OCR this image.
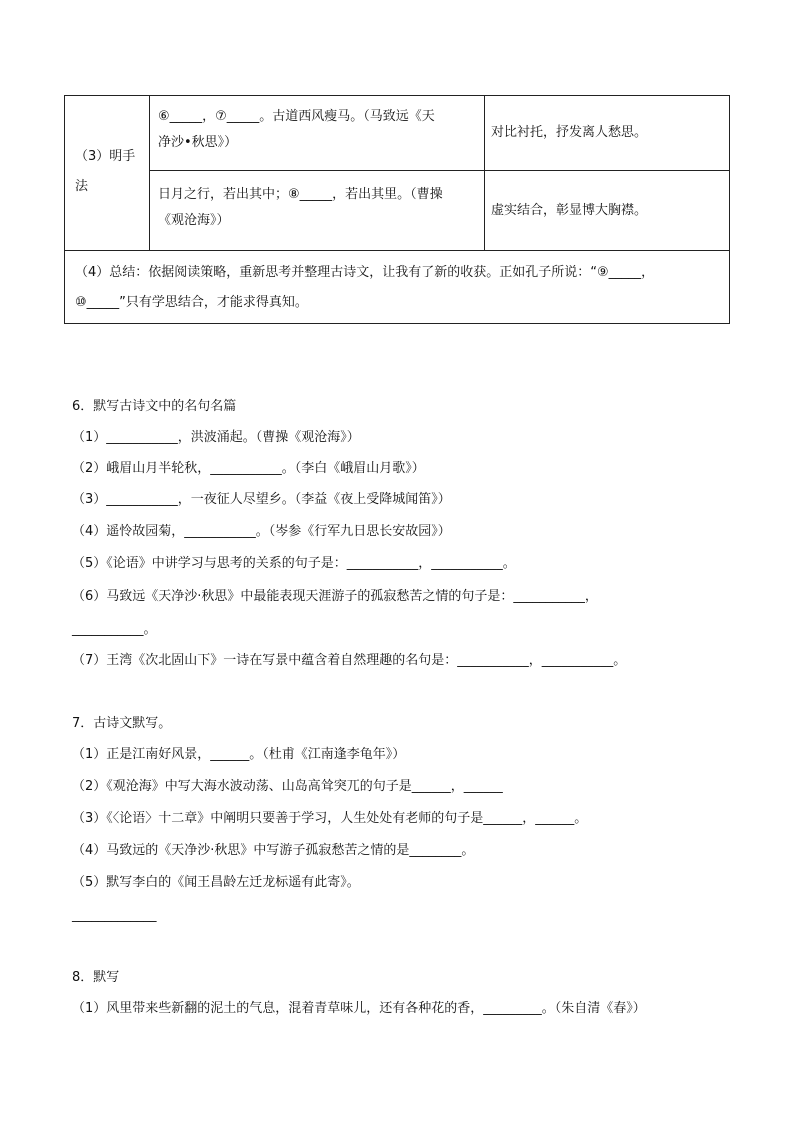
（3）明手
法
⑥_____，⑦_____。古道西风瘦马。（马致远《天
净沙•秋思》）
对比衬托，抒发离人愁思。
日月之行，若出其中；⑧_____，若出其里。（曹操
《观沧海》）
虚实结合，彰显博大胸襟。
（4）总结：依据阅读策略，重新思考并整理古诗文，让我有了新的收获。正如孔子所说：“⑨_____，
⑩_____”只有学思结合，才能求得真知。
6．默写古诗文中的名句名篇
（1）___________，洪波涌起。（曹操《观沧海》）
（2）峨眉山月半轮秋，___________。（李白《峨眉山月歌》）
（3）___________，一夜征人尽望乡。（李益《夜上受降城闻笛》）
（4）遥怜故园菊，___________。（岑参《行军九日思长安故园》）
（5）《论语》中讲学习与思考的关系的句子是：___________，___________。
（6）马致远《天净沙·秋思》中最能表现天涯游子的孤寂愁苦之情的句子是：___________，
___________。
（7）王湾《次北固山下》一诗在写景中蕴含着自然理趣的名句是：___________，___________。
7．古诗文默写。
（1）正是江南好风景，______。（杜甫《江南逢李龟年》）
（2）《观沧海》中写大海水波动荡、山岛高耸突兀的句子是______，______
（3）《〈论语〉十二章》中阐明只要善于学习，人生处处有老师的句子是______，______。
（4）马致远的《天净沙·秋思》中写游子孤寂愁苦之情的是________。
（5）默写李白的《闻王昌龄左迁龙标遥有此寄》。
_____________
8．默写
（1）风里带来些新翻的泥土的气息，混着青草味儿，还有各种花的香，_________。（朱自清《春》）
